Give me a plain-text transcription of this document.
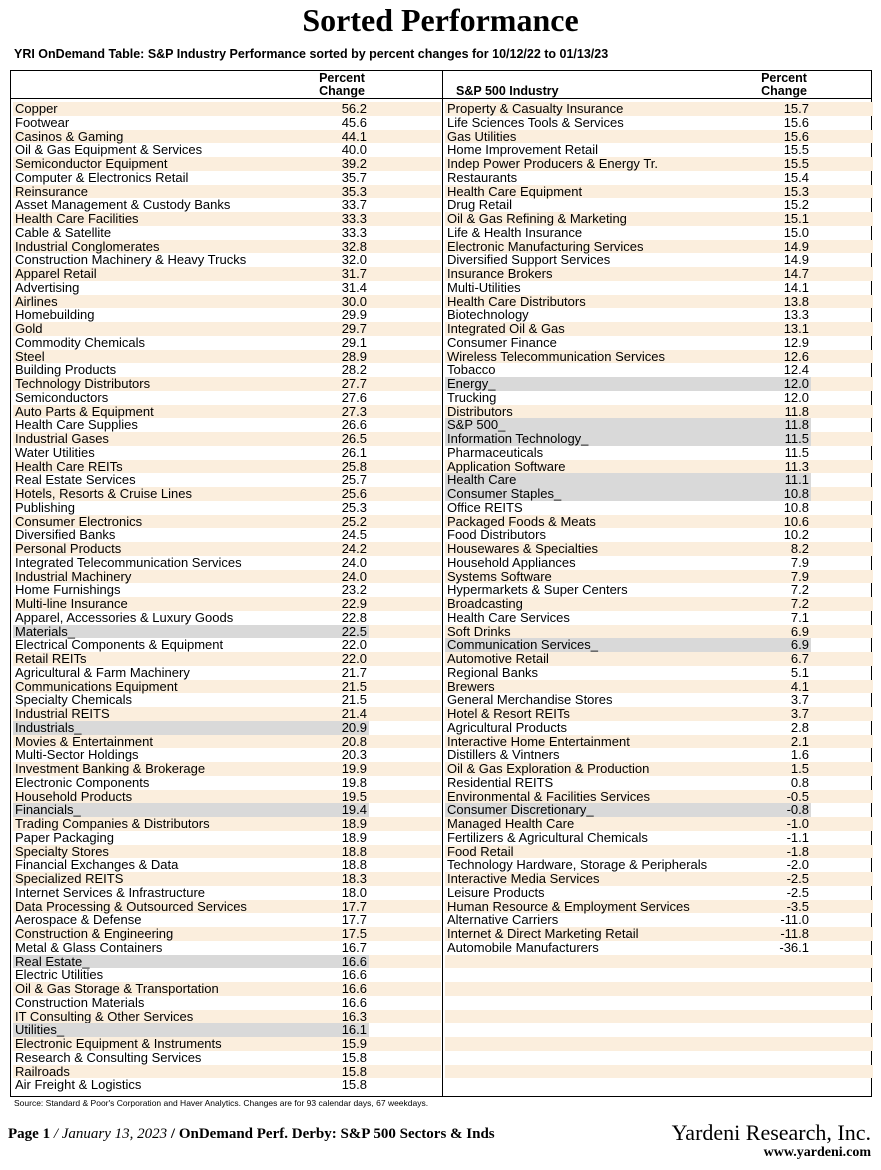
Sorted Performance
YRI OnDemand Table: S&P Industry Performance sorted by percent changes for 10/12/22 to 01/13/23
Percent
Change	S&P 500 Industry
Percent
Change
Copper	56.2
Footwear	45.6
Casinos & Gaming	44.1
Oil & Gas Equipment & Services	40.0
Semiconductor Equipment	39.2
Computer & Electronics Retail	35.7
Reinsurance	35.3
Asset Management & Custody Banks	33.7
Health Care Facilities	33.3
Cable & Satellite	33.3
Industrial Conglomerates	32.8
Construction Machinery & Heavy Trucks	32.0
Apparel Retail	31.7
Advertising	31.4
Airlines	30.0
Homebuilding	29.9
Gold	29.7
Commodity Chemicals	29.1
Steel	28.9
Building Products	28.2
Technology Distributors	27.7
Semiconductors	27.6
Auto Parts & Equipment	27.3
Health Care Supplies	26.6
Industrial Gases	26.5
Water Utilities	26.1
Health Care REITs	25.8
Real Estate Services	25.7
Hotels, Resorts & Cruise Lines	25.6
Publishing	25.3
Consumer Electronics	25.2
Diversified Banks	24.5
Personal Products	24.2
Integrated Telecommunication Services	24.0
Industrial Machinery	24.0
Home Furnishings	23.2
Multi-line Insurance	22.9
Apparel, Accessories & Luxury Goods	22.8
Materials_	22.5
Electrical Components & Equipment	22.0
Retail REITs	22.0
Agricultural & Farm Machinery	21.7
Communications Equipment	21.5
Specialty Chemicals	21.5
Industrial REITS	21.4
Industrials_	20.9
Movies & Entertainment	20.8
Multi-Sector Holdings	20.3
Investment Banking & Brokerage	19.9
Electronic Components	19.8
Household Products	19.5
Financials_	19.4
Trading Companies & Distributors	18.9
Paper Packaging	18.9
Specialty Stores	18.8
Financial Exchanges & Data	18.8
Specialized REITS	18.3
Internet Services & Infrastructure	18.0
Data Processing & Outsourced Services	17.7
Aerospace & Defense	17.7
Construction & Engineering	17.5
Metal & Glass Containers	16.7
Real Estate_	16.6
Electric Utilities	16.6
Oil & Gas Storage & Transportation	16.6
Construction Materials	16.6
IT Consulting & Other Services	16.3
Utilities_	16.1
Electronic Equipment & Instruments	15.9
Research & Consulting Services	15.8
Railroads	15.8
Air Freight & Logistics	15.8
Property & Casualty Insurance	15.7
Life Sciences Tools & Services	15.6
Gas Utilities	15.6
Home Improvement Retail	15.5
Indep Power Producers & Energy Tr.	15.5
Restaurants	15.4
Health Care Equipment	15.3
Drug Retail	15.2
Oil & Gas Refining & Marketing	15.1
Life & Health Insurance	15.0
Electronic Manufacturing Services	14.9
Diversified Support Services	14.9
Insurance Brokers	14.7
Multi-Utilities	14.1
Health Care Distributors	13.8
Biotechnology	13.3
Integrated Oil & Gas	13.1
Consumer Finance	12.9
Wireless Telecommunication Services	12.6
Tobacco	12.4
Energy_	12.0
Trucking	12.0
Distributors	11.8
S&P 500_	11.8
Information Technology_	11.5
Pharmaceuticals	11.5
Application Software	11.3
Health Care	11.1
Consumer Staples_	10.8
Office REITS	10.8
Packaged Foods & Meats	10.6
Food Distributors	10.2
Housewares & Specialties	8.2
Household Appliances	7.9
Systems Software	7.9
Hypermarkets & Super Centers	7.2
Broadcasting	7.2
Health Care Services	7.1
Soft Drinks	6.9
Communication Services_	6.9
Automotive Retail	6.7
Regional Banks	5.1
Brewers	4.1
General Merchandise Stores	3.7
Hotel & Resort REITs	3.7
Agricultural Products	2.8
Interactive Home Entertainment	2.1
Distillers & Vintners	1.6
Oil & Gas Exploration & Production	1.5
Residential REITS	0.8
Environmental & Facilities Services	-0.5
Consumer Discretionary_	-0.8
Managed Health Care	-1.0
Fertilizers & Agricultural Chemicals	-1.1
Food Retail	-1.8
Technology Hardware, Storage & Peripherals	-2.0
Interactive Media Services	-2.5
Leisure Products	-2.5
Human Resource & Employment Services	-3.5
Alternative Carriers	-11.0
Internet & Direct Marketing Retail	-11.8
Automobile Manufacturers	-36.1
Source: Standard & Poor's Corporation and Haver Analytics. Changes are for 93 calendar days, 67 weekdays.
Page 1 / January 13, 2023 / OnDemand Perf. Derby: S&P 500 Sectors & Inds	Yardeni Research, Inc.
www.yardeni.com
